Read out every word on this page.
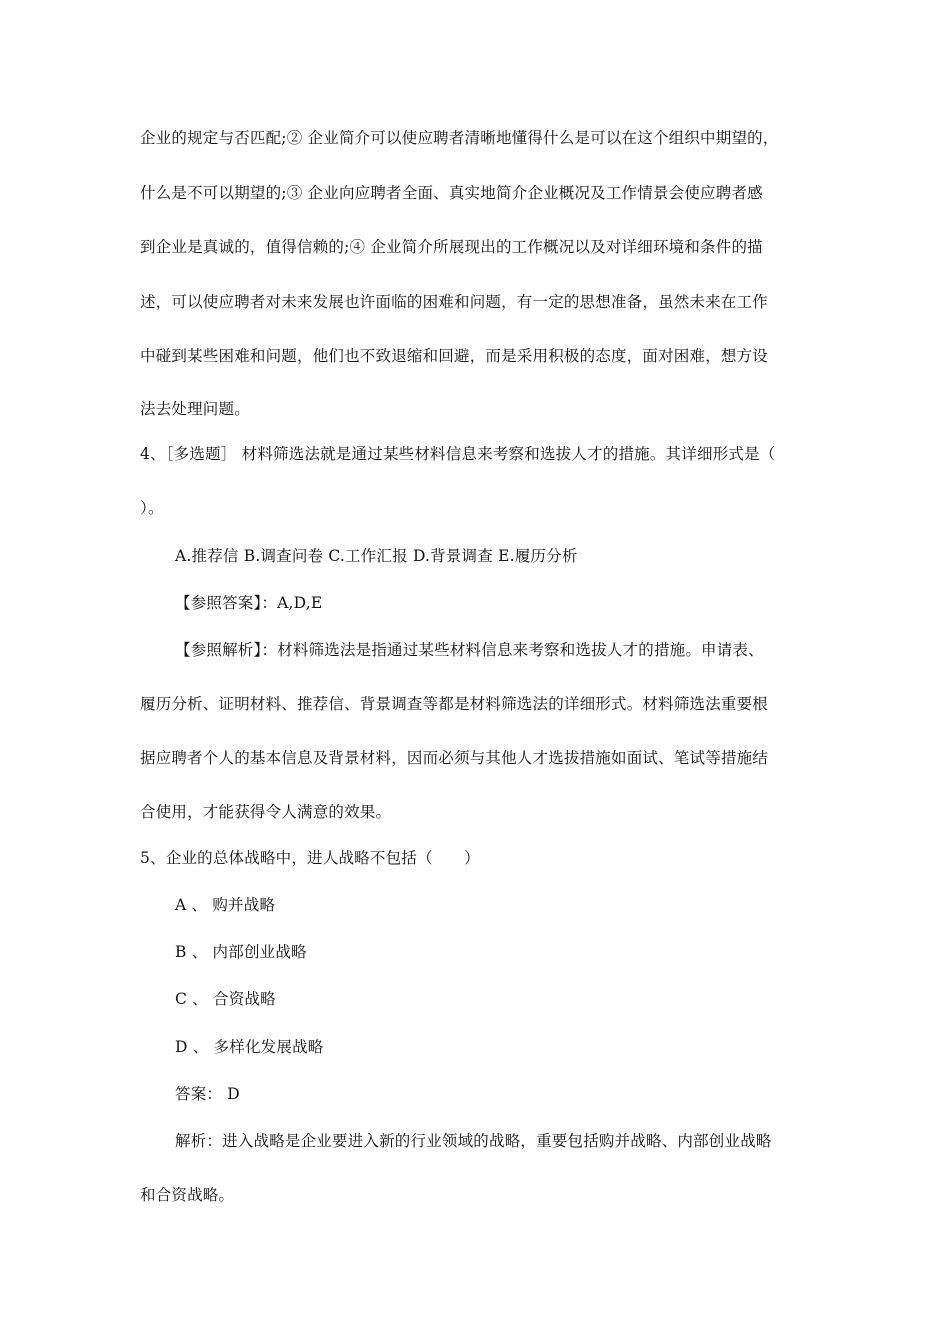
企业的规定与否匹配;② 企业简介可以使应聘者清晰地懂得什么是可以在这个组织中期望的，
什么是不可以期望的;③ 企业向应聘者全面、真实地简介企业概况及工作情景会使应聘者感
到企业是真诚的，值得信赖的;④ 企业简介所展现出的工作概况以及对详细环境和条件的描
述，可以使应聘者对未来发展也许面临的困难和问题，有一定的思想准备，虽然未来在工作
中碰到某些困难和问题，他们也不致退缩和回避，而是采用积极的态度，面对困难，想方设
法去处理问题。
4、［多选题］ 材料筛选法就是通过某些材料信息来考察和选拔人才的措施。其详细形式是（
）。
A.推荐信 B.调查问卷 C.工作汇报 D.背景调查 E.履历分析
【参照答案】：A,D,E
【参照解析】：材料筛选法是指通过某些材料信息来考察和选拔人才的措施。申请表、
履历分析、证明材料、推荐信、背景调查等都是材料筛选法的详细形式。材料筛选法重要根
据应聘者个人的基本信息及背景材料，因而必须与其他人才选拔措施如面试、笔试等措施结
合使用，才能获得令人满意的效果。
5、企业的总体战略中，进人战略不包括（　　）
A 、 购并战略
B 、 内部创业战略
C 、 合资战略
D 、 多样化发展战略
答案： D
解析：进入战略是企业要进入新的行业领域的战略，重要包括购并战略、内部创业战略
和合资战略。
